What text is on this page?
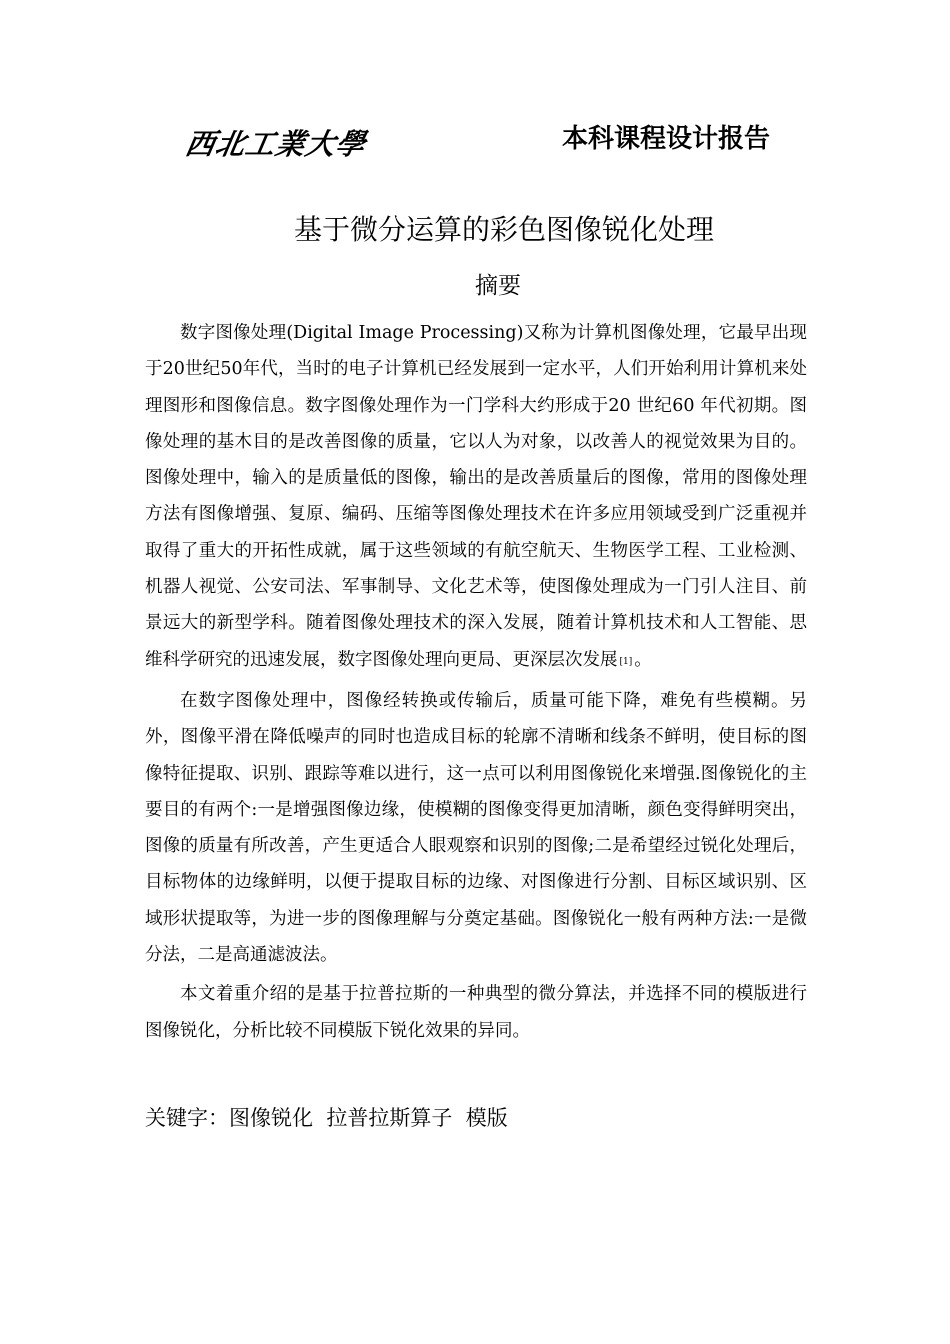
西北工業大學	本科课程设计报告
基于微分运算的彩色图像锐化处理
摘要

数字图像处理(Digital Image Processing)又称为计算机图像处理，它最早出现于20世纪50年代，当时的电子计算机已经发展到一定水平，人们开始利用计算机来处理图形和图像信息。数字图像处理作为一门学科大约形成于20 世纪60 年代初期。图像处理的基木目的是改善图像的质量，它以人为对象，以改善人的视觉效果为目的。图像处理中，输入的是质量低的图像，输出的是改善质量后的图像，常用的图像处理方法有图像增强、复原、编码、压缩等图像处理技术在许多应用领域受到广泛重视并取得了重大的开拓性成就，属于这些领域的有航空航天、生物医学工程、工业检测、机器人视觉、公安司法、军事制导、文化艺术等，使图像处理成为一门引人注目、前景远大的新型学科。随着图像处理技术的深入发展，随着计算机技术和人工智能、思维科学研究的迅速发展，数字图像处理向更局、更深层次发展 [1] 。

在数字图像处理中，图像经转换或传输后，质量可能下降，难免有些模糊。另外，图像平滑在降低噪声的同时也造成目标的轮廓不清晰和线条不鲜明，使目标的图像特征提取、识别、跟踪等难以进行，这一点可以利用图像锐化来增强.图像锐化的主要目的有两个:一是增强图像边缘，使模糊的图像变得更加清晰，颜色变得鲜明突出，图像的质量有所改善，产生更适合人眼观察和识别的图像;二是希望经过锐化处理后，目标物体的边缘鲜明，以便于提取目标的边缘、对图像进行分割、目标区域识别、区域形状提取等，为进一步的图像理解与分奠定基础。图像锐化一般有两种方法:一是微分法，二是高通滤波法。

本文着重介绍的是基于拉普拉斯的一种典型的微分算法，并选择不同的模版进行图像锐化，分析比较不同模版下锐化效果的异同。

关键字：图像锐化 拉普拉斯算子 模版
